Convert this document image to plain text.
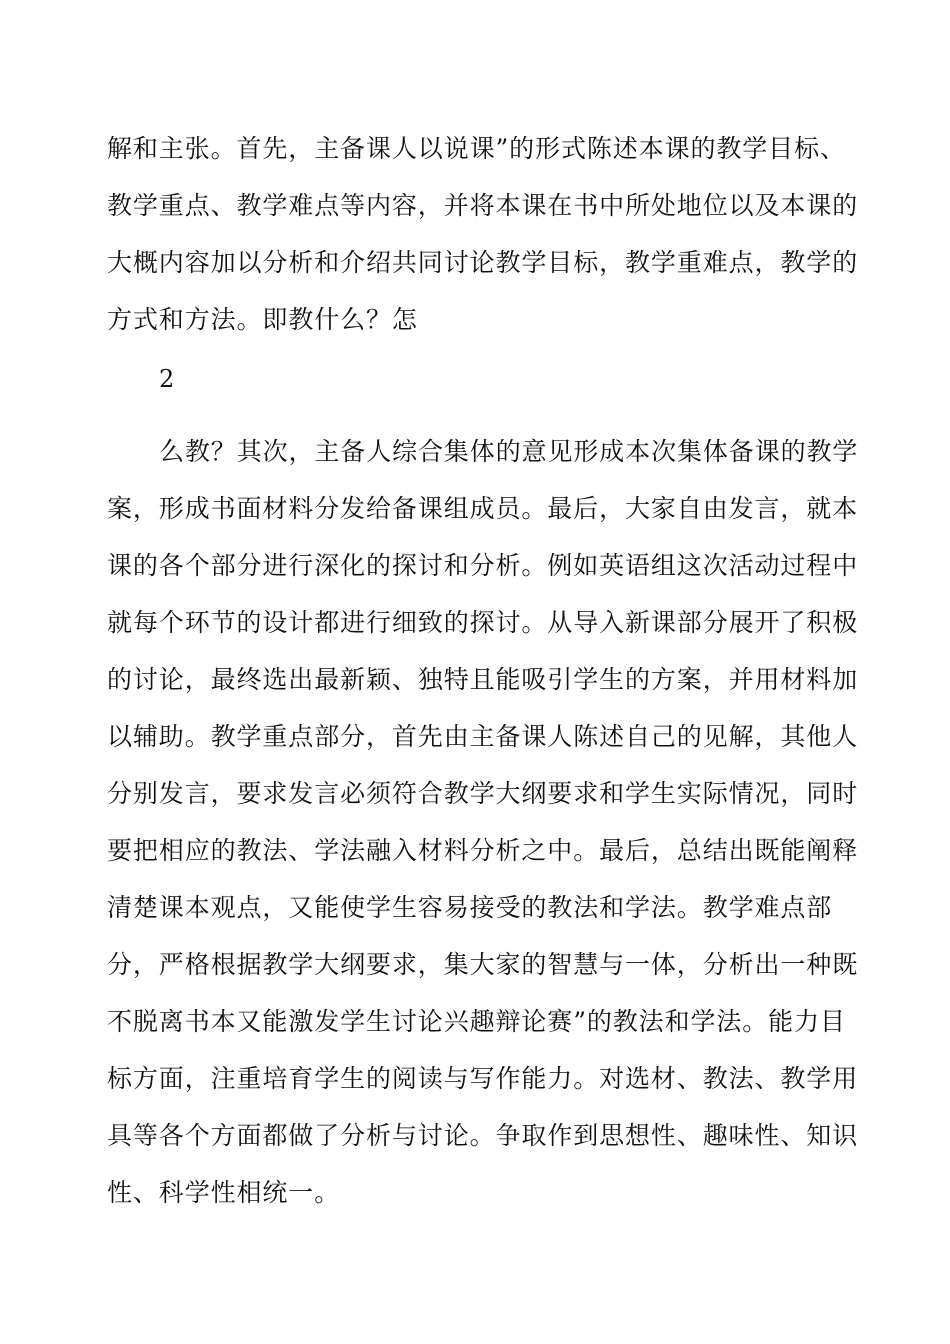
解和主张。首先，主备课人以说课”的形式陈述本课的教学目标、
教学重点、教学难点等内容，并将本课在书中所处地位以及本课的
大概内容加以分析和介绍共同讨论教学目标，教学重难点，教学的
方式和方法。即教什么？怎
2
么教？其次，主备人综合集体的意见形成本次集体备课的教学
案，形成书面材料分发给备课组成员。最后，大家自由发言，就本
课的各个部分进行深化的探讨和分析。例如英语组这次活动过程中
就每个环节的设计都进行细致的探讨。从导入新课部分展开了积极
的讨论，最终选出最新颖、独特且能吸引学生的方案，并用材料加
以辅助。教学重点部分，首先由主备课人陈述自己的见解，其他人
分别发言，要求发言必须符合教学大纲要求和学生实际情况，同时
要把相应的教法、学法融入材料分析之中。最后，总结出既能阐释
清楚课本观点，又能使学生容易接受的教法和学法。教学难点部
分，严格根据教学大纲要求，集大家的智慧与一体，分析出一种既
不脱离书本又能激发学生讨论兴趣辩论赛”的教法和学法。能力目
标方面，注重培育学生的阅读与写作能力。对选材、教法、教学用
具等各个方面都做了分析与讨论。争取作到思想性、趣味性、知识
性、科学性相统一。
